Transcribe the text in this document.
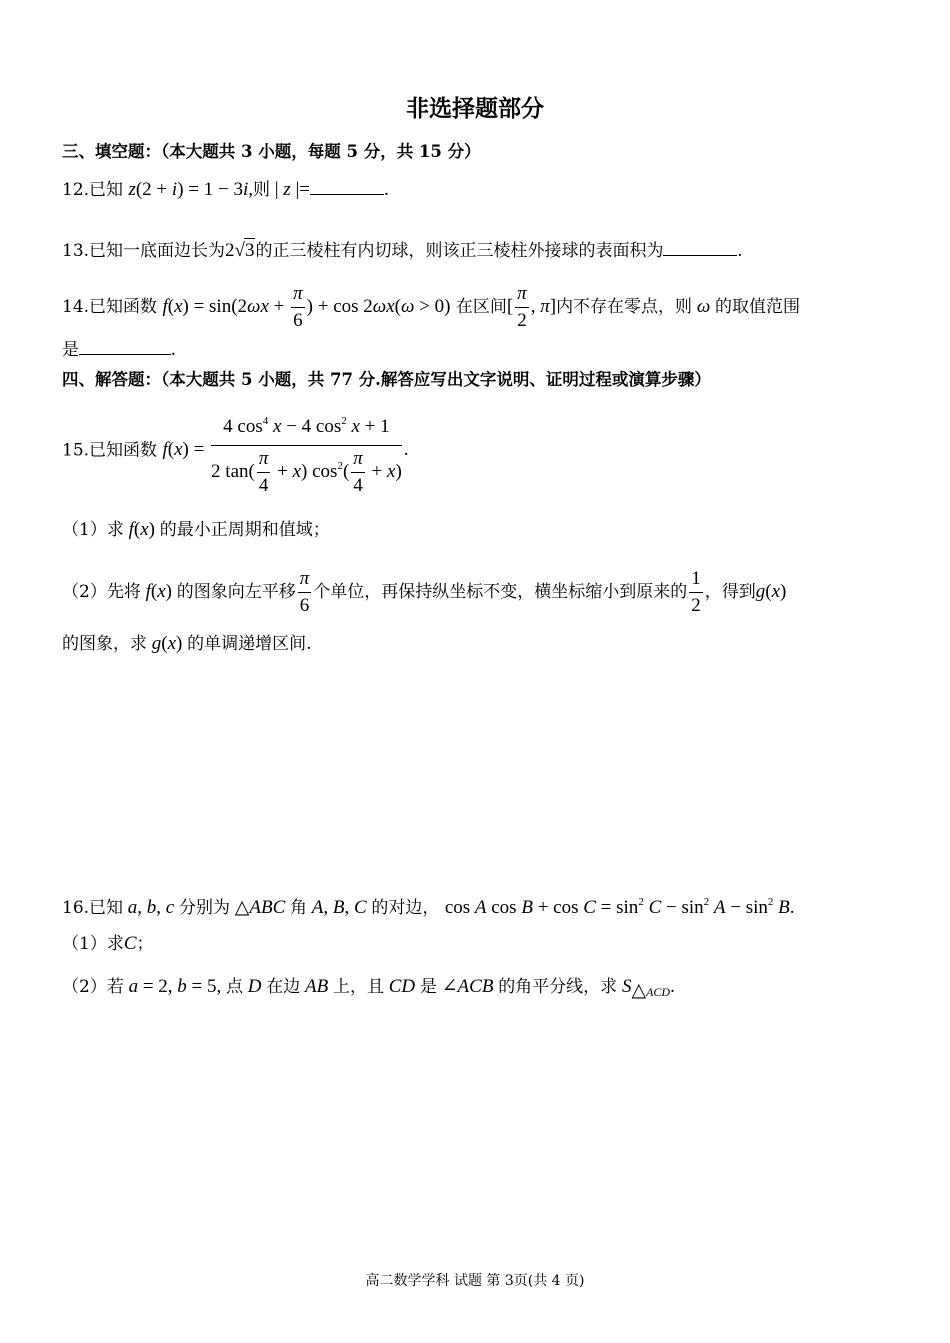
非选择题部分
三、填空题：（本大题共 3 小题，每题 5 分，共 15 分）
12.已知 z(2 + i) = 1 − 3i,则 | z |=	.
13.已知一底面边长为2√3的正三棱柱有内切球，则该正三棱柱外接球的表面积为	.
14.已知函数 $f(x) = \sin(2\omega x + \frac{\pi}{6}$ ) + cos 2ωx(ω > 0) 在区间[ $\frac{\pi}{2}$ , π]内不存在零点，则 ω 的取值范围
是	.
四、解答题：（本大题共 5 小题，共 77 分.解答应写出文字说明、证明过程或演算步骤）
15.已知函数 $f(x) = \frac{4 \cos^4 x - 4 \cos^2 x + 1}{2 \tan( \frac{\pi}{4} + x) \cos^2( \frac{\pi}{4} + x)}$ .
（1）求 f(x) 的最小正周期和值域；
（2）先将 f(x) 的图象向左平移 $\frac{\pi}{6}$ 个单位，再保持纵坐标不变，横坐标缩小到原来的 $\frac{1}{2}$ ，得到g(x)
的图象，求 g(x) 的单调递增区间.
16.已知 a, b, c 分别为 △ABC 角 A, B, C 的对边， cos A $\cos B + \cos C = \sin^2 C - \sin^2 A - \sin^2 B$.
（1）求C；
（2）若 a = 2, b = 5, 点 D 在边 AB 上，且 CD 是 ∠ACB 的角平分线，求 $S_{\triangle ACD}$.
高二数学学科 试题 第 3页(共 4 页)
